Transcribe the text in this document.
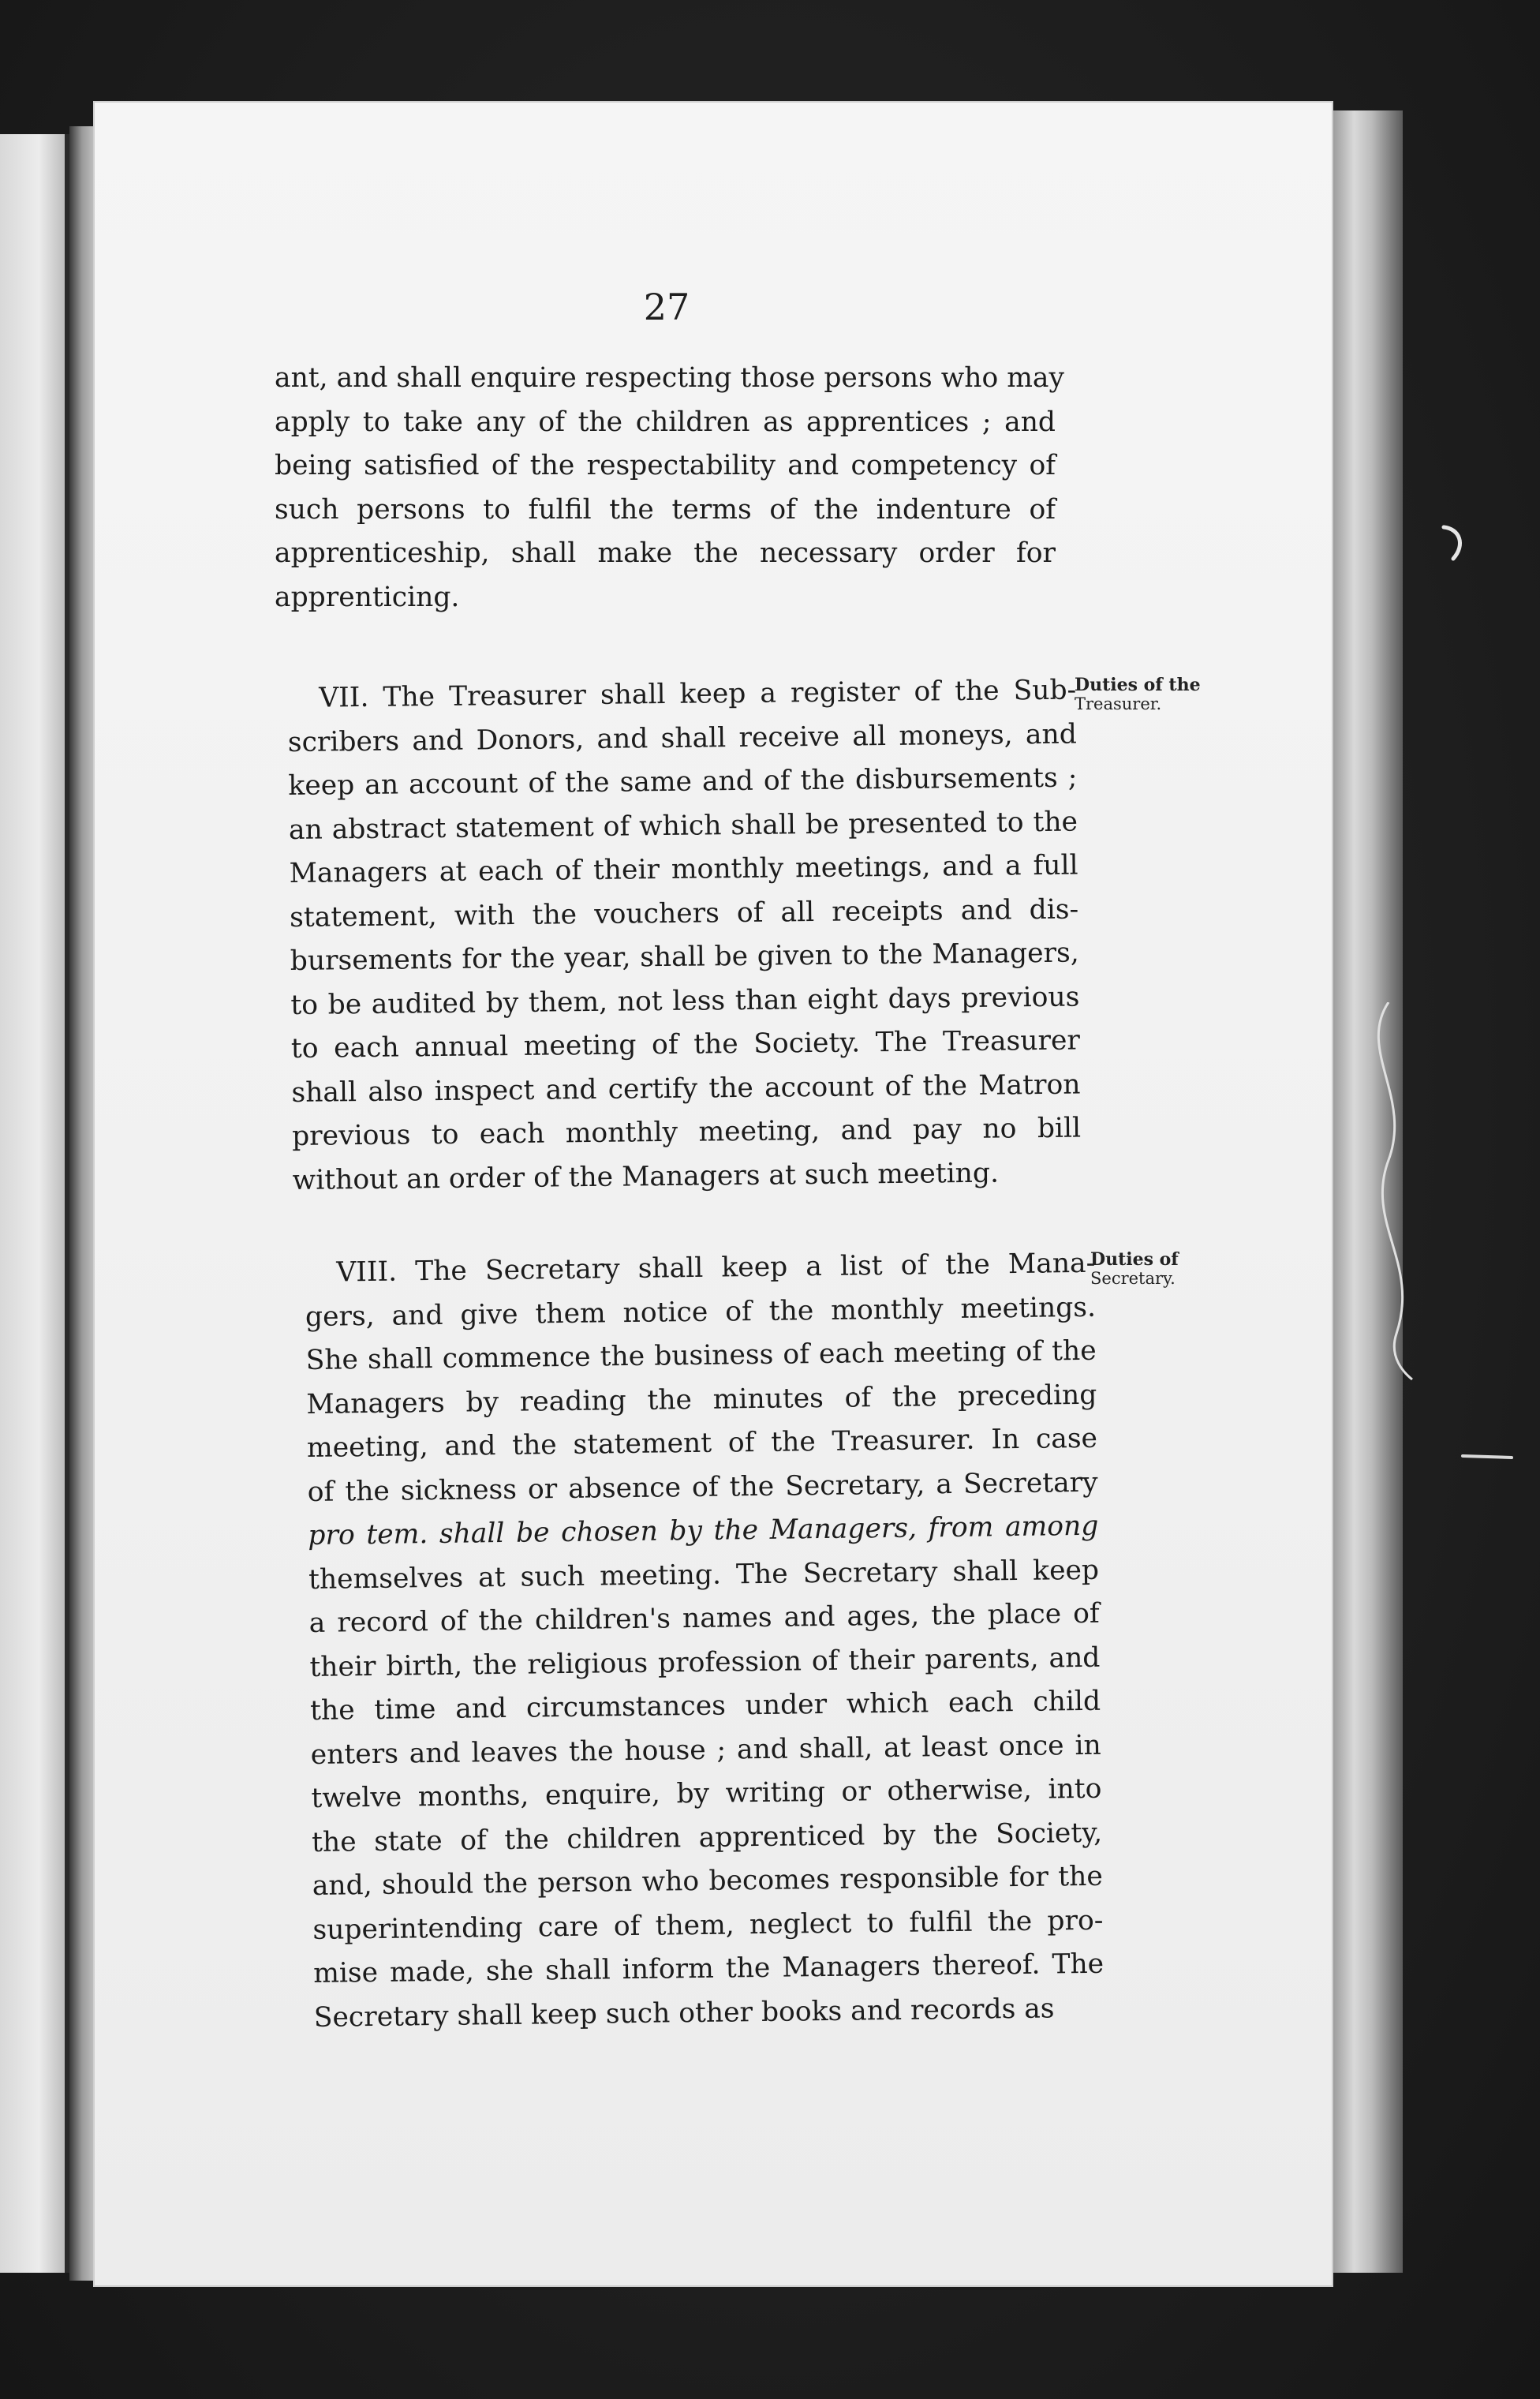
27
ant, and shall enquire respecting those persons who may
apply to take any of the children as apprentices ; and
being satisfied of the respectability and competency of
such persons to fulfil the terms of the indenture of
apprenticeship, shall make the necessary order for
apprenticing.
VII. The Treasurer shall keep a register of the Sub-
scribers and Donors, and shall receive all moneys, and
keep an account of the same and of the disbursements ;
an abstract statement of which shall be presented to the
Managers at each of their monthly meetings, and a full
statement, with the vouchers of all receipts and dis-
bursements for the year, shall be given to the Managers,
to be audited by them, not less than eight days previous
to each annual meeting of the Society. The Treasurer
shall also inspect and certify the account of the Matron
previous to each monthly meeting, and pay no bill
without an order of the Managers at such meeting.
Duties of the
Treasurer.
VIII. The Secretary shall keep a list of the Mana-
gers, and give them notice of the monthly meetings.
She shall commence the business of each meeting of the
Managers by reading the minutes of the preceding
meeting, and the statement of the Treasurer. In case
of the sickness or absence of the Secretary, a Secretary
pro tem. shall be chosen by the Managers, from among
themselves at such meeting. The Secretary shall keep
a record of the children's names and ages, the place of
their birth, the religious profession of their parents, and
the time and circumstances under which each child
enters and leaves the house ; and shall, at least once in
twelve months, enquire, by writing or otherwise, into
the state of the children apprenticed by the Society,
and, should the person who becomes responsible for the
superintending care of them, neglect to fulfil the pro-
mise made, she shall inform the Managers thereof. The
Secretary shall keep such other books and records as
Duties of
Secretary.
